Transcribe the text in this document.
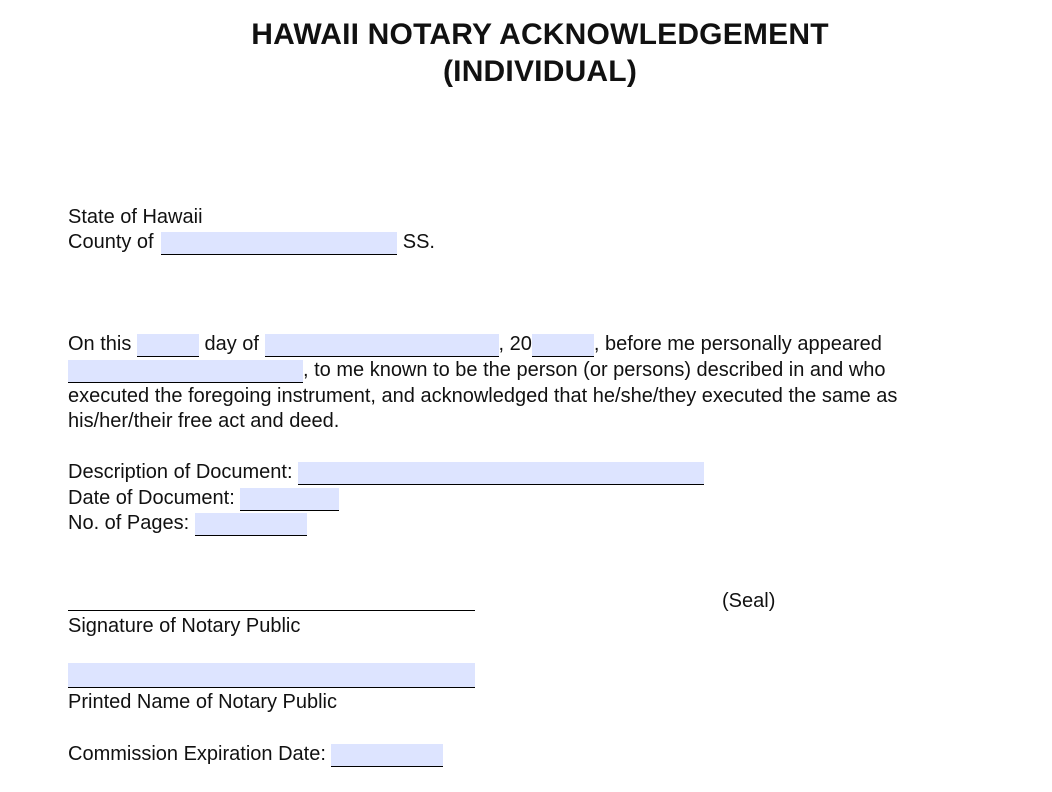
HAWAII NOTARY ACKNOWLEDGEMENT
(INDIVIDUAL)
State of Hawaii
County of	SS.
On this	day of	, 20	, before me personally appeared
, to me known to be the person (or persons) described in and who
executed the foregoing instrument, and acknowledged that he/she/they executed the same as
his/her/their free act and deed.
Description of Document:
Date of Document:
No. of Pages:
(Seal)
Signature of Notary Public
Printed Name of Notary Public
Commission Expiration Date:
